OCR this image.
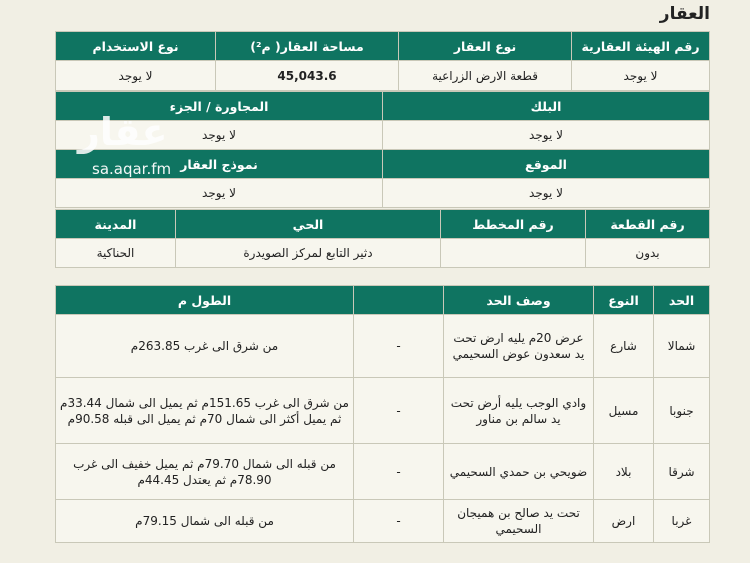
العقار
رقم الهيئة العقارية	نوع العقار	مساحة العقار( م²)	نوع الاستخدام
لا يوجد	قطعة الارض الزراعية	45,043.6	لا يوجد
البلك	المجاورة / الجزء
لا يوجد	لا يوجد
الموقع	نموذج العقار
لا يوجد	لا يوجد
رقم القطعة	رقم المخطط	الحي	المدينة
بدون		دثير التابع لمركز الصويدرة	الحناكية
الحد	النوع	وصف الحد		الطول م
شمالا	شارع	عرض 20م يليه ارض تحت يد سعدون عوض السحيمي	-	من شرق الى غرب 263.85م
جنوبا	مسيل	وادي الوجب يليه أرض تحت يد سالم بن مناور	-	من شرق الى غرب 151.65م ثم يميل الى شمال 33.44م ثم يميل أكثر الى شمال 70م ثم يميل الى قبله 90.58م
شرقا	بلاد	ضويحي بن حمدي السحيمي	-	من قبله الى شمال 79.70م ثم يميل خفيف الى غرب 78.90م ثم يعتدل 44.45م
غربا	ارض	تحت يد صالح بن هميجان السحيمي	-	من قبله الى شمال 79.15م
عقار
sa.aqar.fm
